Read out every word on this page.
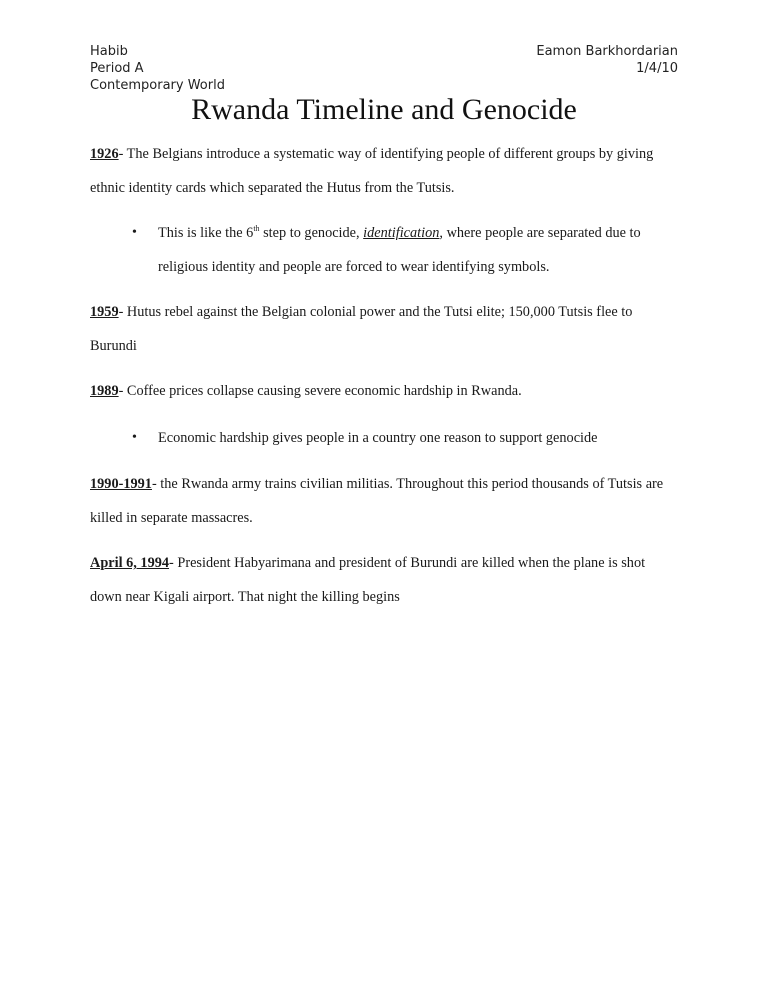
Habib	Eamon Barkhordarian
Period A	1/4/10
Contemporary World
Rwanda Timeline and Genocide
1926- The Belgians introduce a systematic way of identifying people of different groups by giving ethnic identity cards which separated the Hutus from the Tutsis.
•	This is like the 6th step to genocide, identification, where people are separated due to religious identity and people are forced to wear identifying symbols.
1959- Hutus rebel against the Belgian colonial power and the Tutsi elite; 150,000 Tutsis flee to Burundi
1989- Coffee prices collapse causing severe economic hardship in Rwanda.
•	Economic hardship gives people in a country one reason to support genocide
1990-1991- the Rwanda army trains civilian militias. Throughout this period thousands of Tutsis are killed in separate massacres.
April 6, 1994- President Habyarimana and president of Burundi are killed when the plane is shot down near Kigali airport. That night the killing begins
